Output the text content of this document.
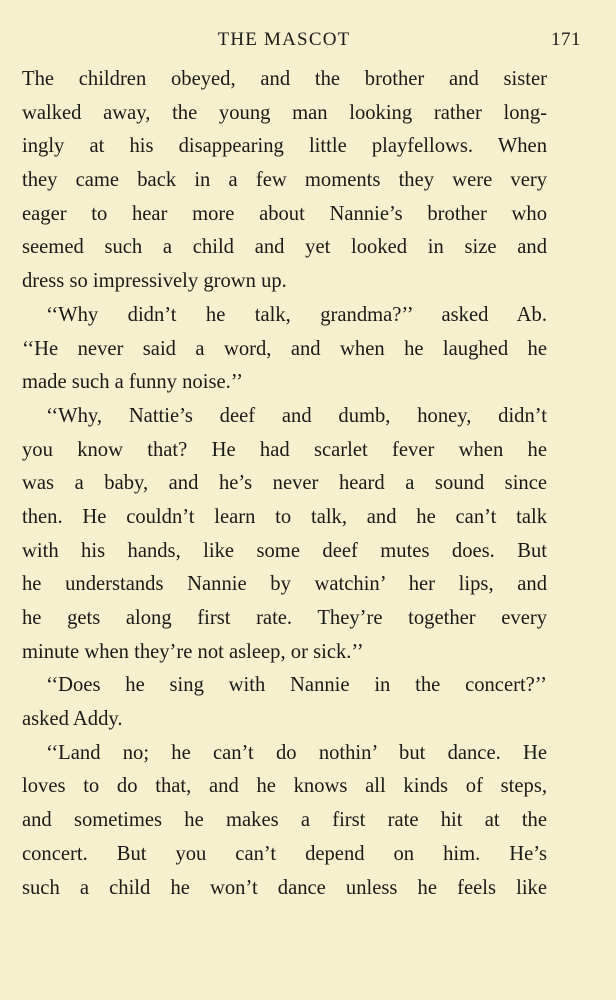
THE MASCOT	171
The children obeyed, and the brother and sister
walked away, the young man looking rather long-
ingly at his disappearing little playfellows. When
they came back in a few moments they were very
eager to hear more about Nannie’s brother who
seemed such a child and yet looked in size and
dress so impressively grown up.
‘‘Why didn’t he talk, grandma?’’ asked Ab.
‘‘He never said a word, and when he laughed he
made such a funny noise.’’
‘‘Why, Nattie’s deef and dumb, honey, didn’t
you know that? He had scarlet fever when he
was a baby, and he’s never heard a sound since
then. He couldn’t learn to talk, and he can’t talk
with his hands, like some deef mutes does. But
he understands Nannie by watchin’ her lips, and
he gets along first rate. They’re together every
minute when they’re not asleep, or sick.’’
‘‘Does he sing with Nannie in the concert?’’
asked Addy.
‘‘Land no; he can’t do nothin’ but dance. He
loves to do that, and he knows all kinds of steps,
and sometimes he makes a first rate hit at the
concert. But you can’t depend on him. He’s
such a child he won’t dance unless he feels like
